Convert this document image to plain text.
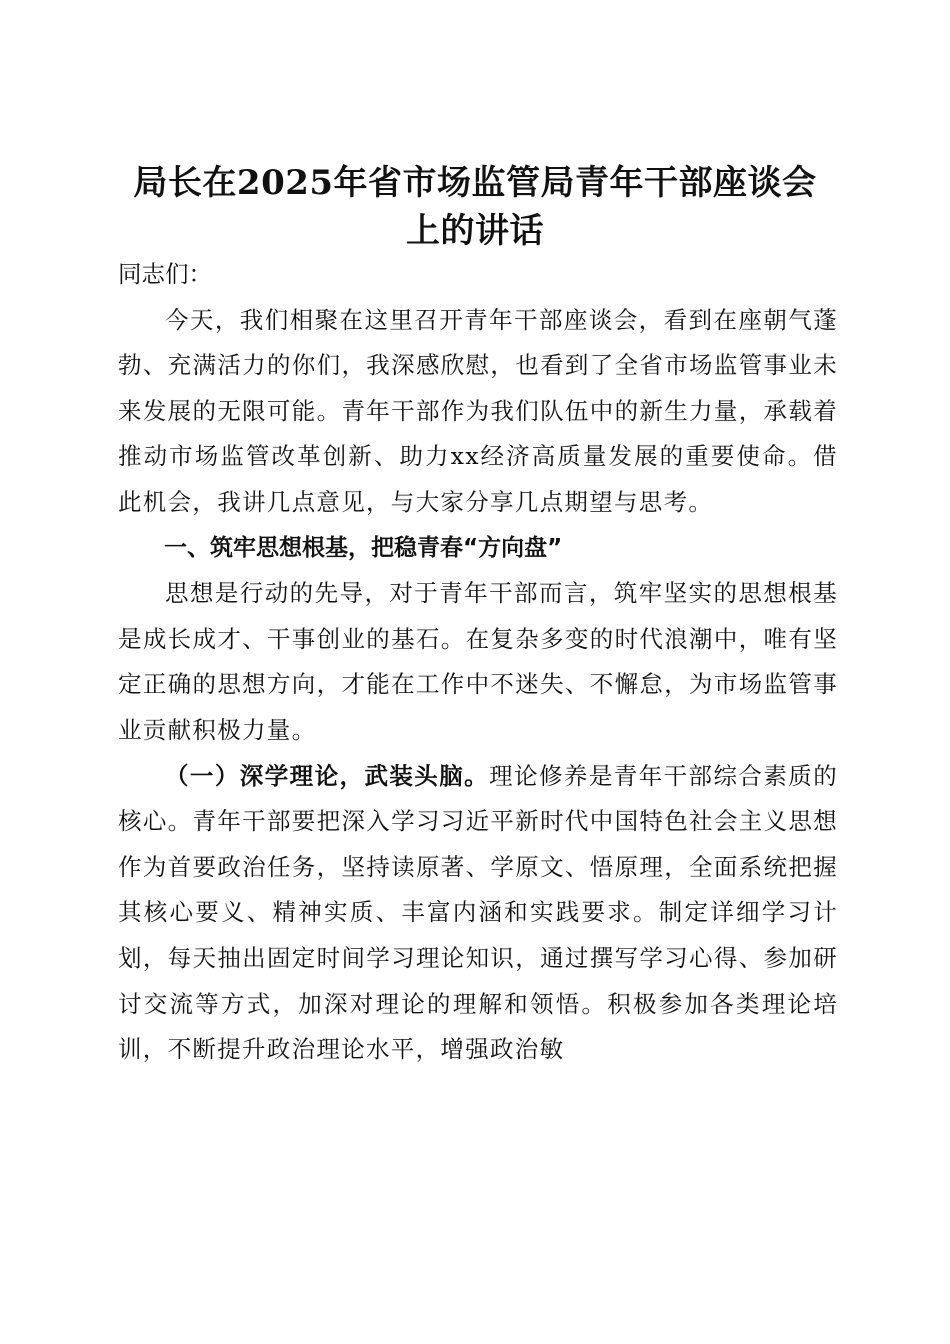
局长在2025年省市场监管局青年干部座谈会
上的讲话

同志们：

今天，我们相聚在这里召开青年干部座谈会，看到在座朝气蓬勃、充满活力的你们，我深感欣慰，也看到了全省市场监管事业未来发展的无限可能。青年干部作为我们队伍中的新生力量，承载着推动市场监管改革创新、助力xx经济高质量发展的重要使命。借此机会，我讲几点意见，与大家分享几点期望与思考。

一、筑牢思想根基，把稳青春“方向盘”

思想是行动的先导，对于青年干部而言，筑牢坚实的思想根基是成长成才、干事创业的基石。在复杂多变的时代浪潮中，唯有坚定正确的思想方向，才能在工作中不迷失、不懈怠，为市场监管事业贡献积极力量。

（一）深学理论，武装头脑。理论修养是青年干部综合素质的核心。青年干部要把深入学习习近平新时代中国特色社会主义思想作为首要政治任务，坚持读原著、学原文、悟原理，全面系统把握其核心要义、精神实质、丰富内涵和实践要求。制定详细学习计划，每天抽出固定时间学习理论知识，通过撰写学习心得、参加研讨交流等方式，加深对理论的理解和领悟。积极参加各类理论培训，不断提升政治理论水平，增强政治敏
